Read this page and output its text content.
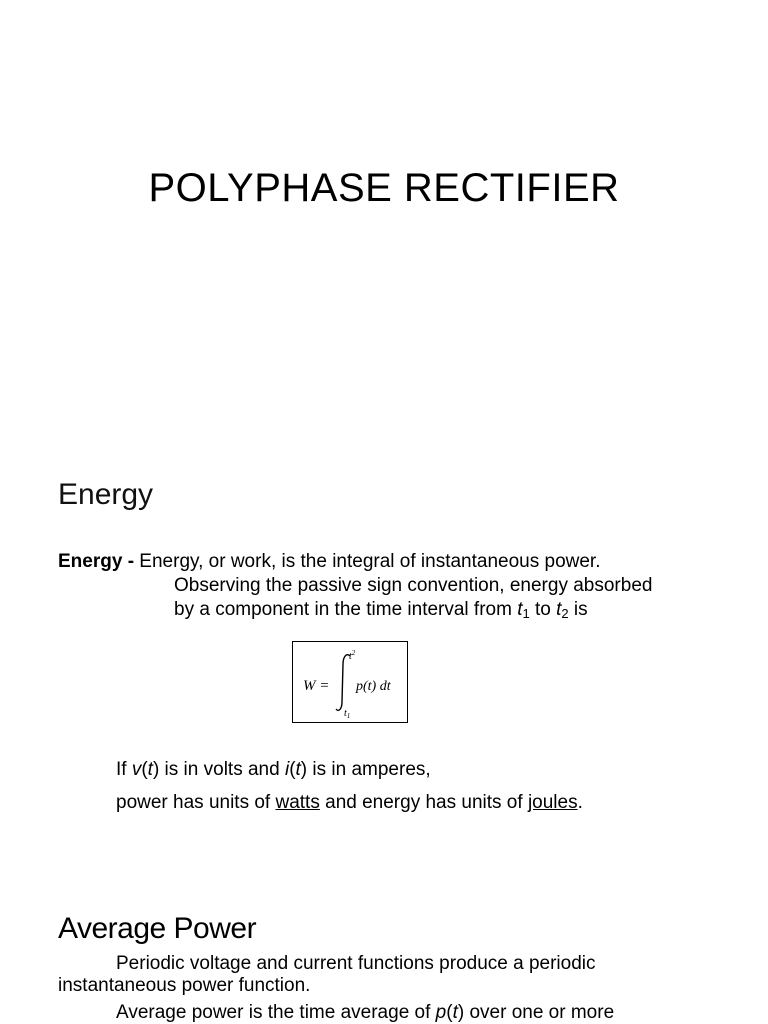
POLYPHASE RECTIFIER
Energy
Energy - Energy, or work, is the integral of instantaneous power.
Observing the passive sign convention, energy absorbed
by a component in the time interval from $t_1$ to $t_2$ is
W =
$t^2$
$t_1$
p(t) dt
If v(t) is in volts and i(t) is in amperes,
power has units of watts and energy has units of joules.
Average Power
Periodic voltage and current functions produce a periodic
instantaneous power function.
Average power is the time average of p(t) over one or more
